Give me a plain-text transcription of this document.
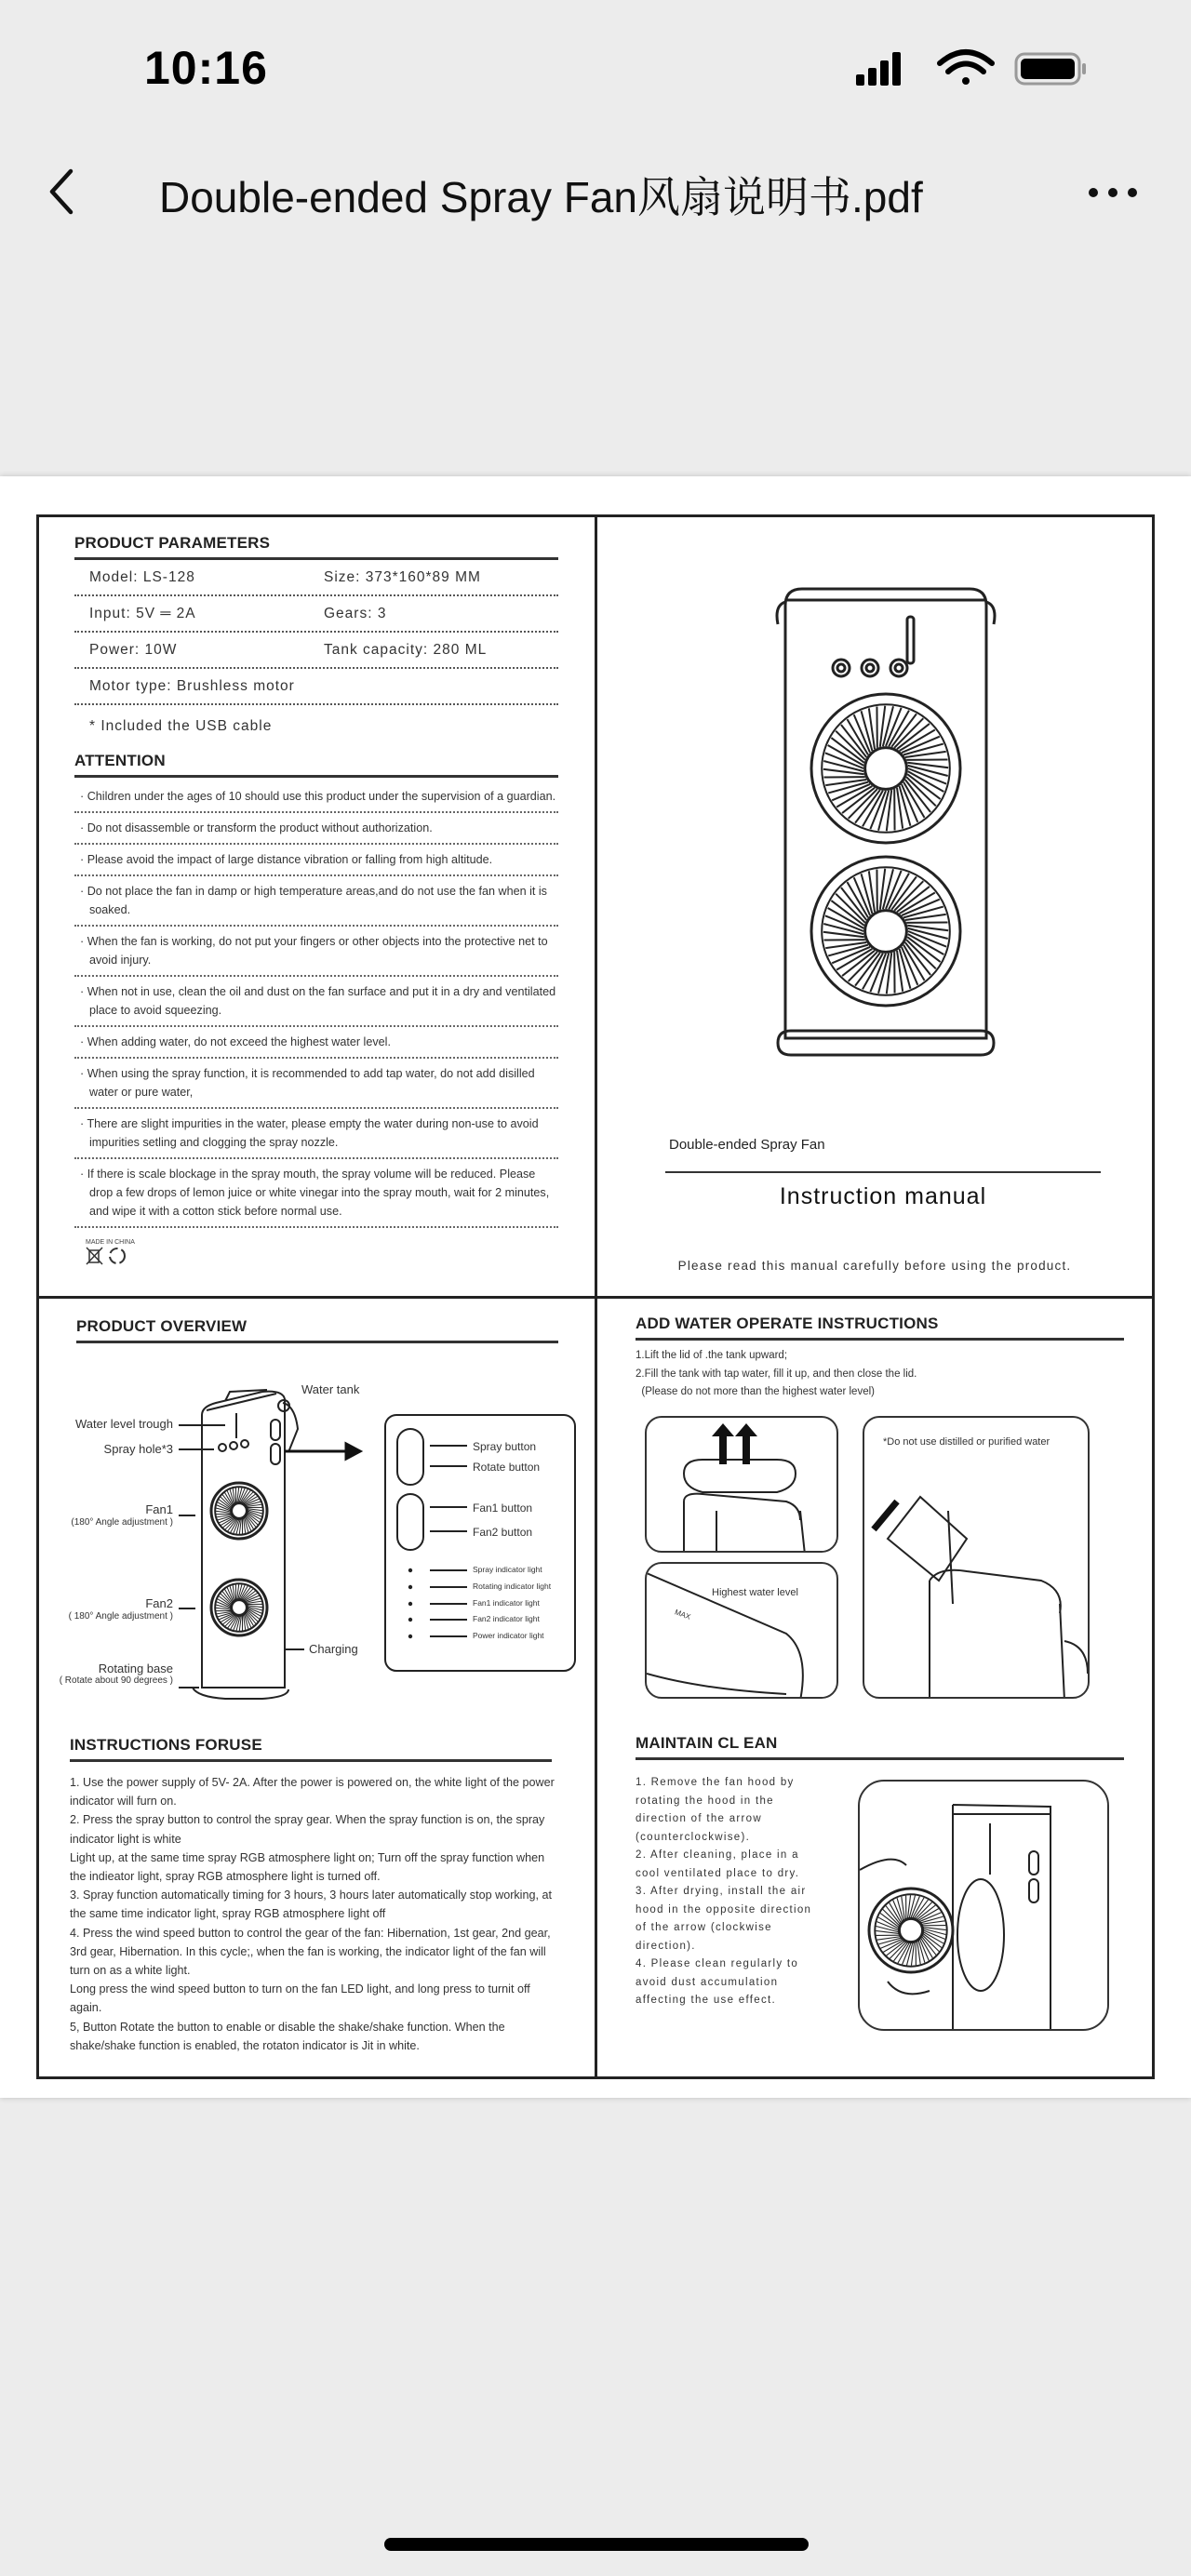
10:16
Double-ended Spray Fan风扇说明书.pdf
PRODUCT PARAMETERS
Model: LS-128	Size: 373*160*89 MM
Input: 5V ═ 2A	Gears: 3
Power: 10W	Tank capacity: 280 ML
Motor type: Brushless motor
* Included the USB cable
ATTENTION
· Children under the ages of 10 should use this product under the supervision of a guardian.
· Do not disassemble or transform the product without authorization.
· Please avoid the impact of large distance vibration or falling from high altitude.
· Do not place the fan in damp or high temperature areas,and do not use the fan when it is soaked.
· When the fan is working, do not put your fingers or other objects into the protective net to avoid injury.
· When not in use, clean the oil and dust on the fan surface and put it in a dry and ventilated place to avoid squeezing.
· When adding water, do not exceed the highest water level.
· When using the spray function, it is recommended to add tap water, do not add disilled water or pure water,
· There are slight impurities in the water, please empty the water during non-use to avoid impurities setling and clogging the spray nozzle.
· If there is scale blockage in the spray mouth, the spray volume will be reduced. Please drop a few drops of lemon juice or white vinegar into the spray mouth, wait for 2 minutes, and wipe it with a cotton stick before normal use.
MADE IN CHINA
Double-ended Spray Fan
Instruction manual
Please read this manual carefully before using the product.
PRODUCT OVERVIEW
Water tank
Water level trough
Spray hole*3
Fan1
(180° Angle adjustment )
Fan2
( 180° Angle adjustment )
Charging
Rotating base
( Rotate about 90 degrees )
Spray button
Rotate button
Fan1 button
Fan2 button
Spray indicator light
Rotating indicator light
Fan1 indicator light
Fan2 indicator light
Power indicator light
INSTRUCTIONS FORUSE
1. Use the power supply of 5V- 2A. After the power is powered on, the white light of the power indicator will furn on.
2. Press the spray button to control the spray gear. When the spray function is on, the spray indicator light is white
Light up, at the same time spray RGB atmosphere light on; Turn off the spray function when the indieator light, spray RGB atmosphere light is turned off.
3. Spray function automatically timing for 3 hours, 3 hours later automatically stop working, at the same time indicator light, spray RGB atmosphere light off
4. Press the wind speed button to control the gear of the fan: Hibernation, 1st gear, 2nd gear, 3rd gear, Hibernation. In this cycle;, when the fan is working, the indicator light of the fan will turn on as a white light.
Long press the wind speed button to turn on the fan LED light, and long press to turnit off again.
5, Button Rotate the button to enable or disable the shake/shake function. When the shake/shake function is enabled, the rotaton indicator is Jit in white.
ADD WATER OPERATE INSTRUCTIONS
1.Lift the lid of .the tank upward;
2.Fill the tank with tap water, fill it up, and then close the lid.
(Please do not more than the highest water level)
Highest water level
MAX
*Do not use distilled or purified water
MAINTAIN CL EAN
1. Remove the fan hood by rotating the hood in the direction of the arrow (counterclockwise).
2. After cleaning, place in a cool ventilated place to dry.
3. After drying, install the air hood in the opposite direction of the arrow (clockwise direction).
4. Please clean regularly to avoid dust accumulation affecting the use effect.
